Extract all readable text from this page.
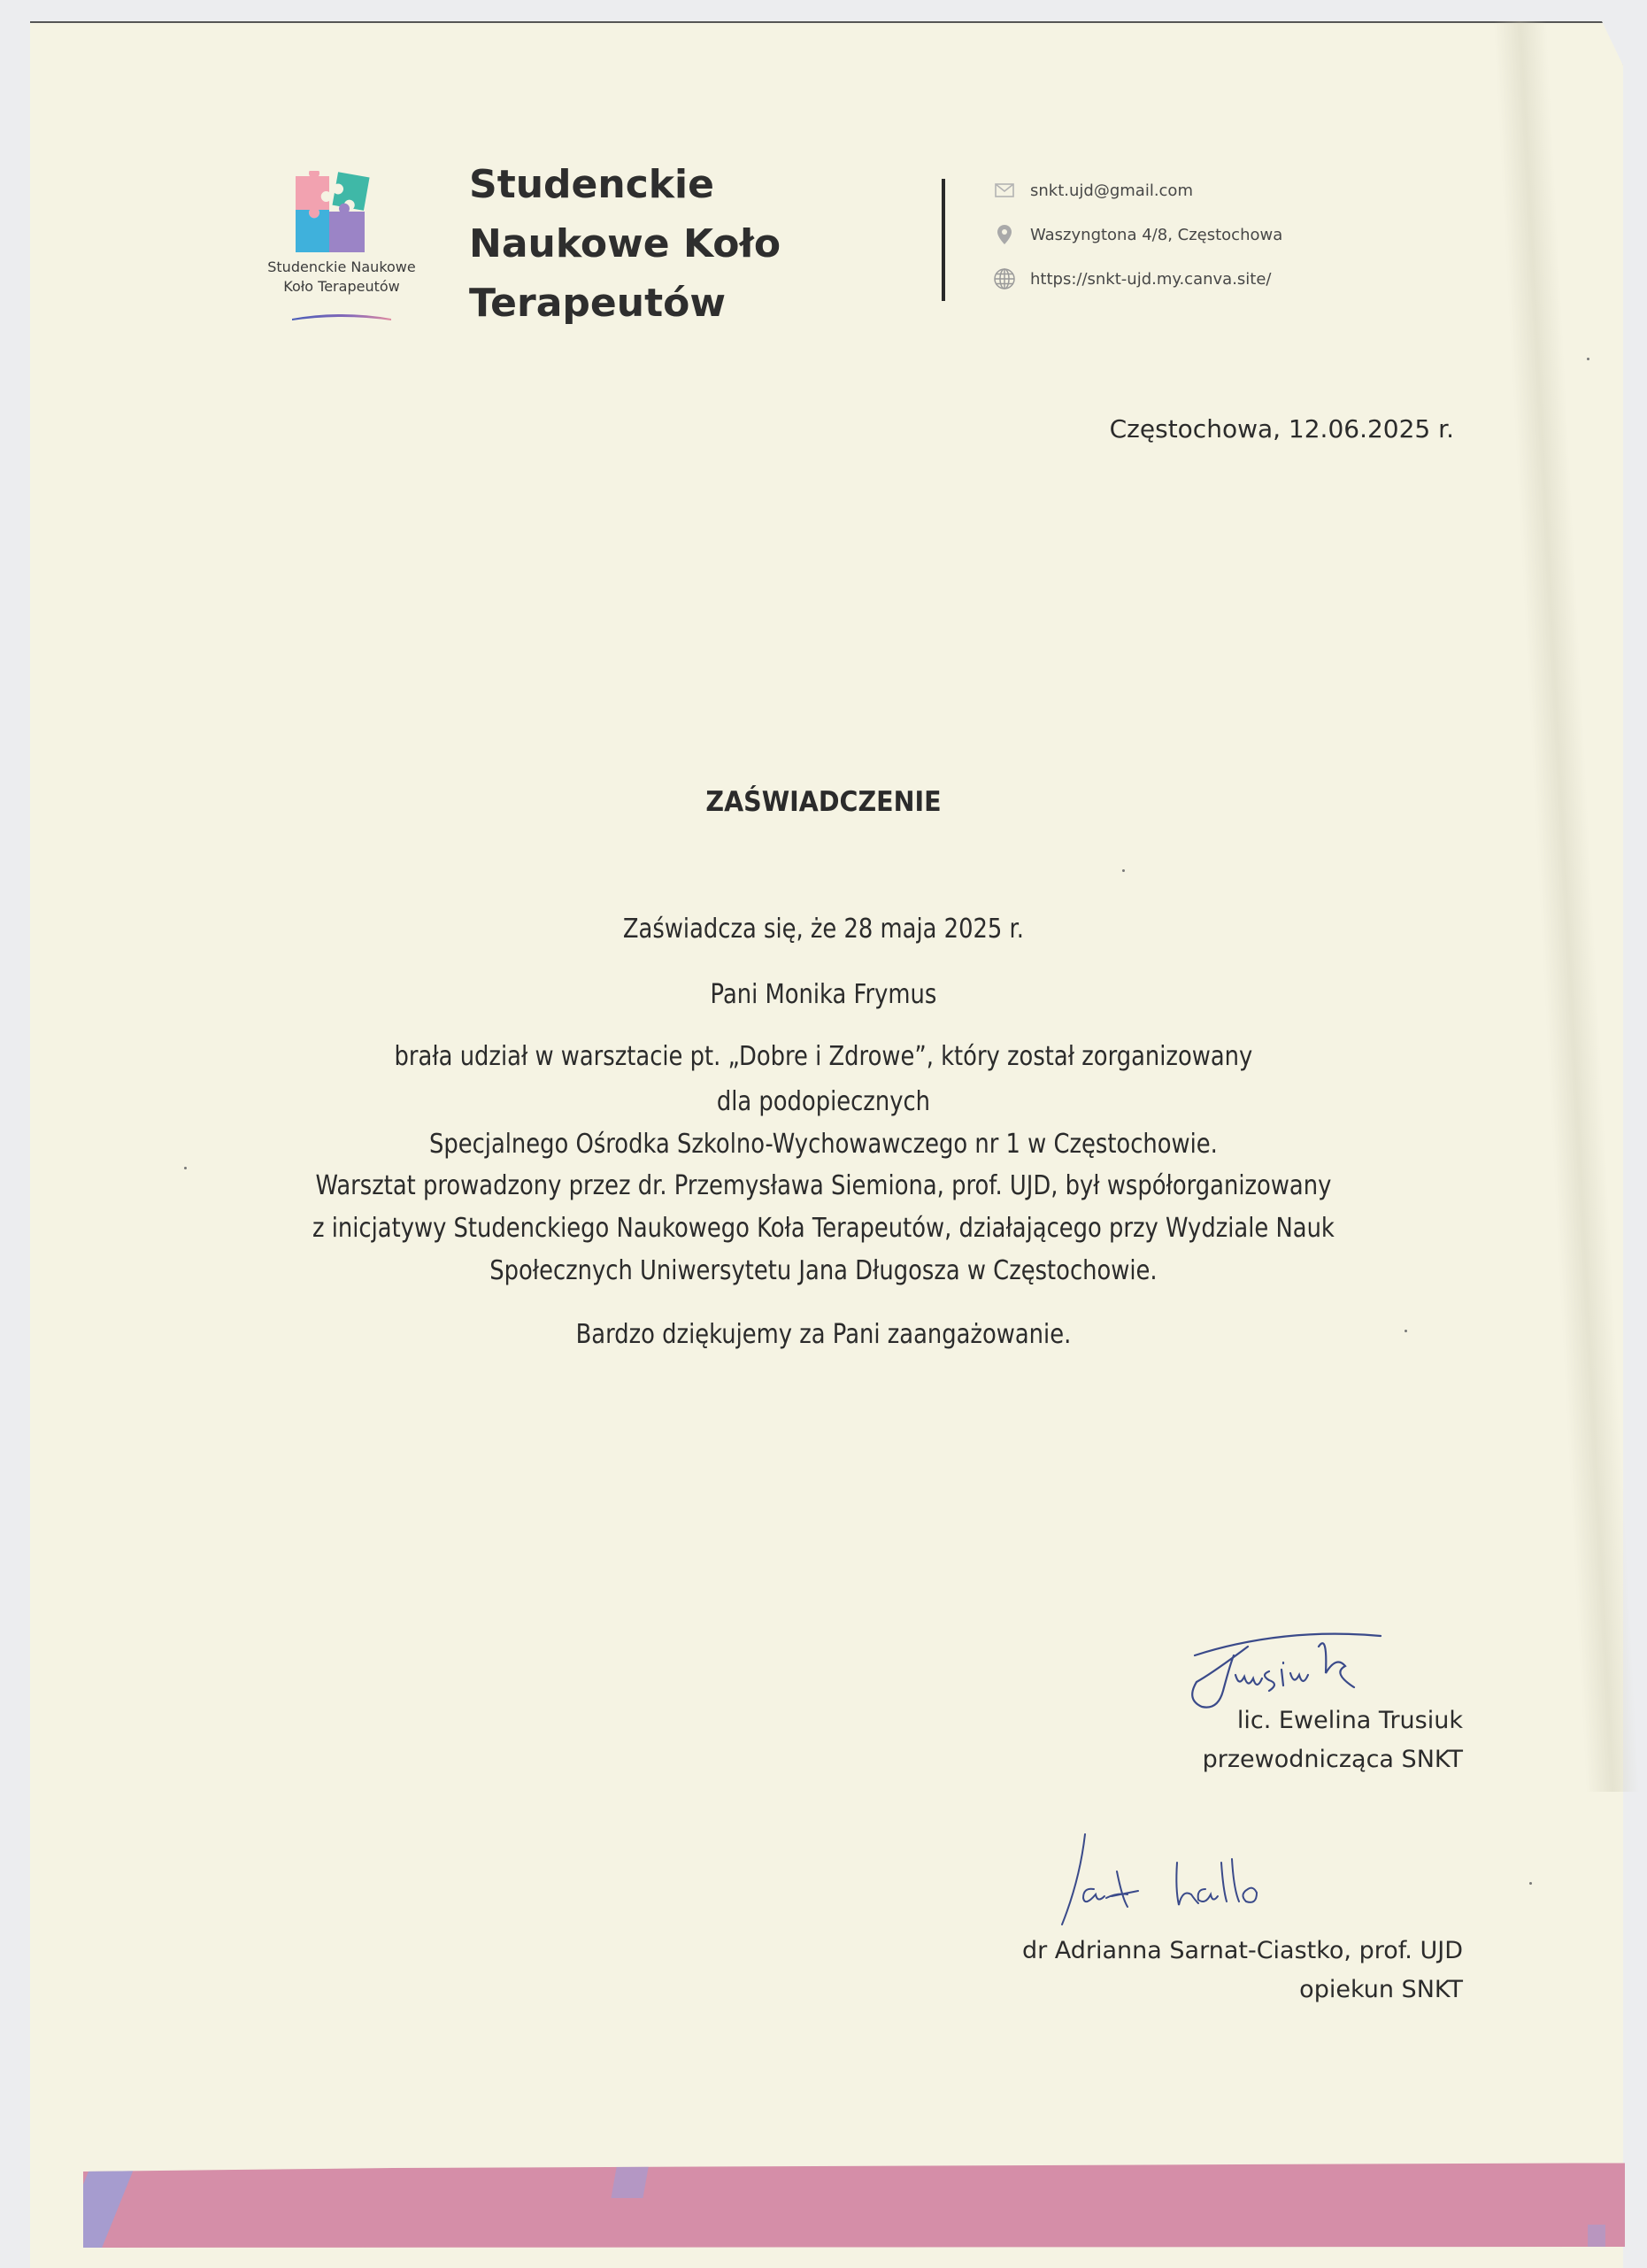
Studenckie Naukowe
Koło Terapeutów
Studenckie
Naukowe Koło
Terapeutów
snkt.ujd@gmail.com
Waszyngtona 4/8, Częstochowa
https://snkt-ujd.my.canva.site/
Częstochowa, 12.06.2025 r.
ZAŚWIADCZENIE
Zaświadcza się, że 28 maja 2025 r.
Pani Monika Frymus
brała udział w warsztacie pt. „Dobre i Zdrowe”, który został zorganizowany
dla podopiecznych
Specjalnego Ośrodka Szkolno-Wychowawczego nr 1 w Częstochowie.
Warsztat prowadzony przez dr. Przemysława Siemiona, prof. UJD, był współorganizowany
z inicjatywy Studenckiego Naukowego Koła Terapeutów, działającego przy Wydziale Nauk
Społecznych Uniwersytetu Jana Długosza w Częstochowie.
Bardzo dziękujemy za Pani zaangażowanie.
lic. Ewelina Trusiuk
przewodnicząca SNKT
dr Adrianna Sarnat-Ciastko, prof. UJD
opiekun SNKT
